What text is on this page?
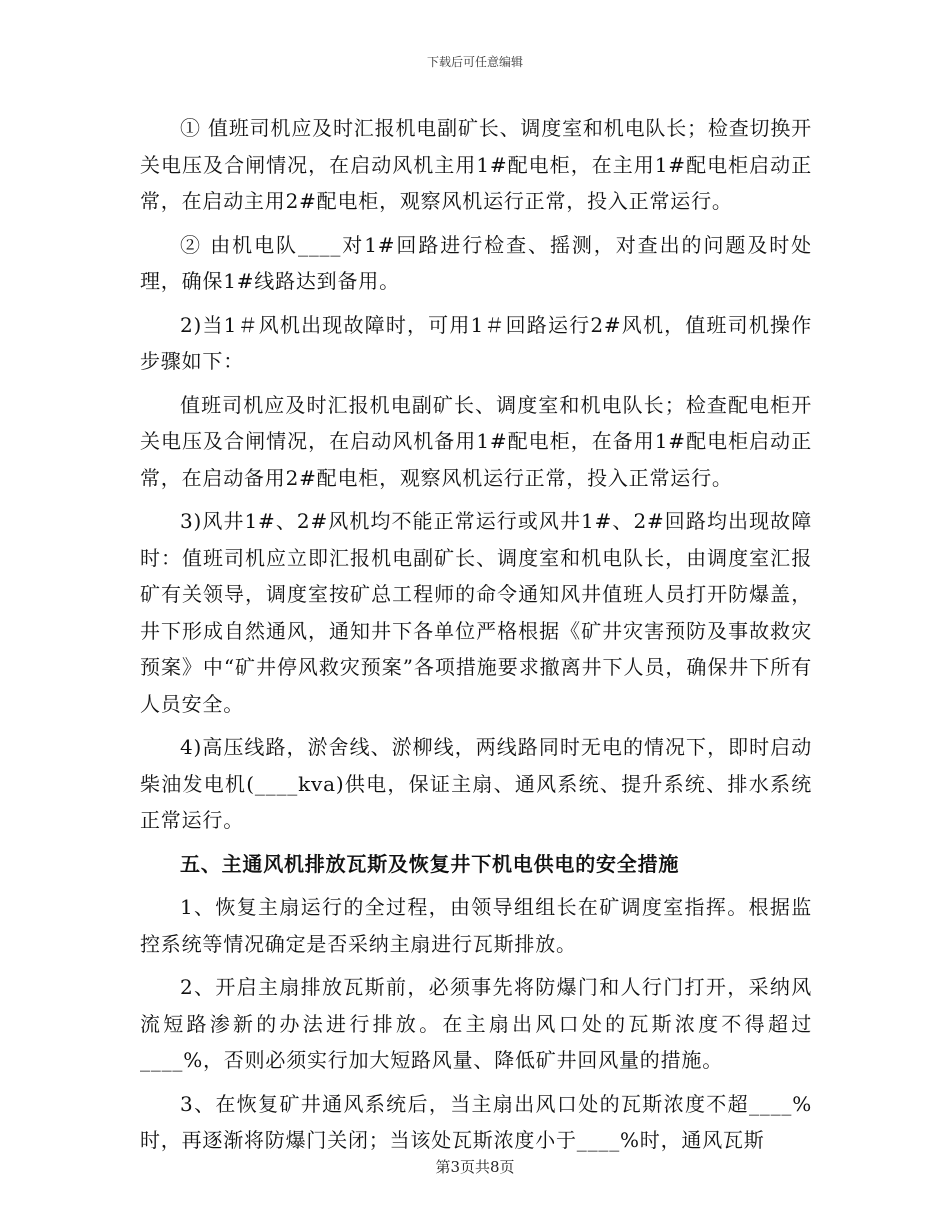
下载后可任意编辑

① 值班司机应及时汇报机电副矿长、调度室和机电队长；检查切换开关电压及合闸情况，在启动风机主用1#配电柜，在主用1#配电柜启动正常，在启动主用2#配电柜，观察风机运行正常，投入正常运行。

② 由机电队____对1#回路进行检查、摇测，对查出的问题及时处理，确保1#线路达到备用。

2)当1＃风机出现故障时，可用1＃回路运行2#风机，值班司机操作步骤如下：

值班司机应及时汇报机电副矿长、调度室和机电队长；检查配电柜开关电压及合闸情况，在启动风机备用1#配电柜，在备用1#配电柜启动正常，在启动备用2#配电柜，观察风机运行正常，投入正常运行。

3)风井1#、2#风机均不能正常运行或风井1#、2#回路均出现故障时：值班司机应立即汇报机电副矿长、调度室和机电队长，由调度室汇报矿有关领导，调度室按矿总工程师的命令通知风井值班人员打开防爆盖，井下形成自然通风，通知井下各单位严格根据《矿井灾害预防及事故救灾预案》中“矿井停风救灾预案”各项措施要求撤离井下人员，确保井下所有人员安全。

4)高压线路，淤舍线、淤柳线，两线路同时无电的情况下，即时启动柴油发电机(____kva)供电，保证主扇、通风系统、提升系统、排水系统正常运行。

五、主通风机排放瓦斯及恢复井下机电供电的安全措施

1、恢复主扇运行的全过程，由领导组组长在矿调度室指挥。根据监控系统等情况确定是否采纳主扇进行瓦斯排放。

2、开启主扇排放瓦斯前，必须事先将防爆门和人行门打开，采纳风流短路渗新的办法进行排放。在主扇出风口处的瓦斯浓度不得超过____%，否则必须实行加大短路风量、降低矿井回风量的措施。

3、在恢复矿井通风系统后，当主扇出风口处的瓦斯浓度不超____%时，再逐渐将防爆门关闭；当该处瓦斯浓度小于____%时，通风瓦斯

第3页共8页
